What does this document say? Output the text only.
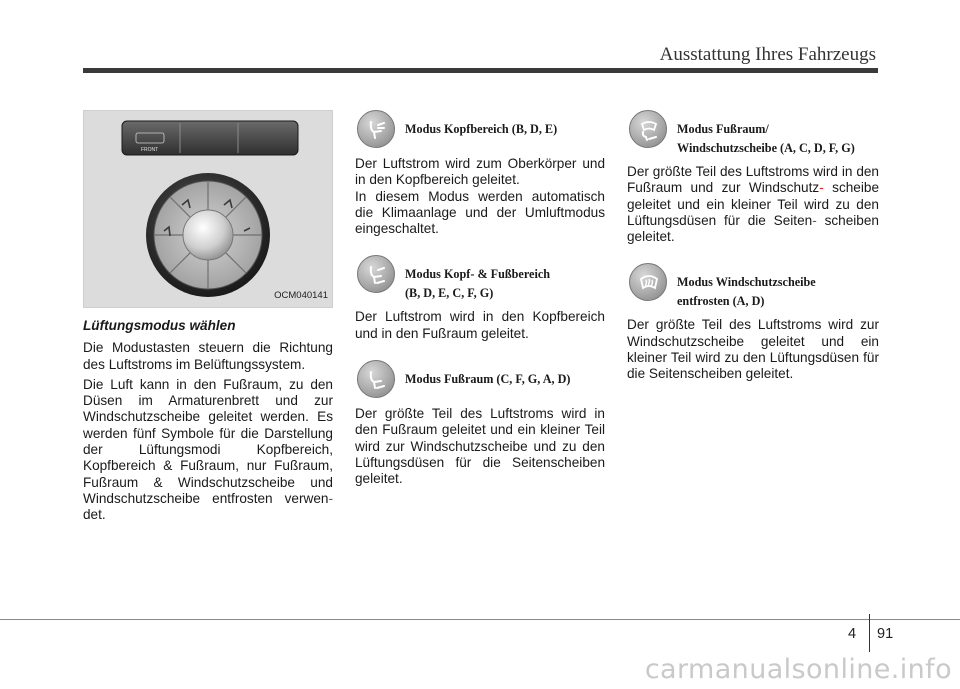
Ausstattung Ihres Fahrzeugs
FRONT
OCM040141

Lüftungsmodus wählen

Die Modustasten steuern die Richtung des Luftstroms im Belüftungssystem.

Die Luft kann in den Fußraum, zu den Düsen im Armaturenbrett und zur Windschutzscheibe geleitet werden. Es werden fünf Symbole für die Darstellung der Lüftungsmodi Kopfbereich, Kopfbereich & Fußraum, nur Fußraum, Fußraum & Windschutzscheibe und Windschutzscheibe entfrosten verwen- det.

Modus Kopfbereich (B, D, E)

Der Luftstrom wird zum Oberkörper und in den Kopfbereich geleitet.

In diesem Modus werden automatisch die Klimaanlage und der Umluftmodus eingeschaltet.

Modus Kopf- & Fußbereich
(B, D, E, C, F, G)

Der Luftstrom wird in den Kopfbereich und in den Fußraum geleitet.

Modus Fußraum (C, F, G, A, D)

Der größte Teil des Luftstroms wird in den Fußraum geleitet und ein kleiner Teil wird zur Windschutzscheibe und zu den Lüftungsdüsen für die Seitenscheiben geleitet.

Modus Fußraum/
Windschutzscheibe (A, C, D, F, G)

Der größte Teil des Luftstroms wird in den Fußraum und zur Windschutz- scheibe geleitet und ein kleiner Teil wird zu den Lüftungsdüsen für die Seiten- scheiben geleitet.

Modus Windschutzscheibe
entfrosten (A, D)

Der größte Teil des Luftstroms wird zur Windschutzscheibe geleitet und ein kleiner Teil wird zu den Lüftungsdüsen für die Seitenscheiben geleitet.

4 91
carmanualsonline.info
